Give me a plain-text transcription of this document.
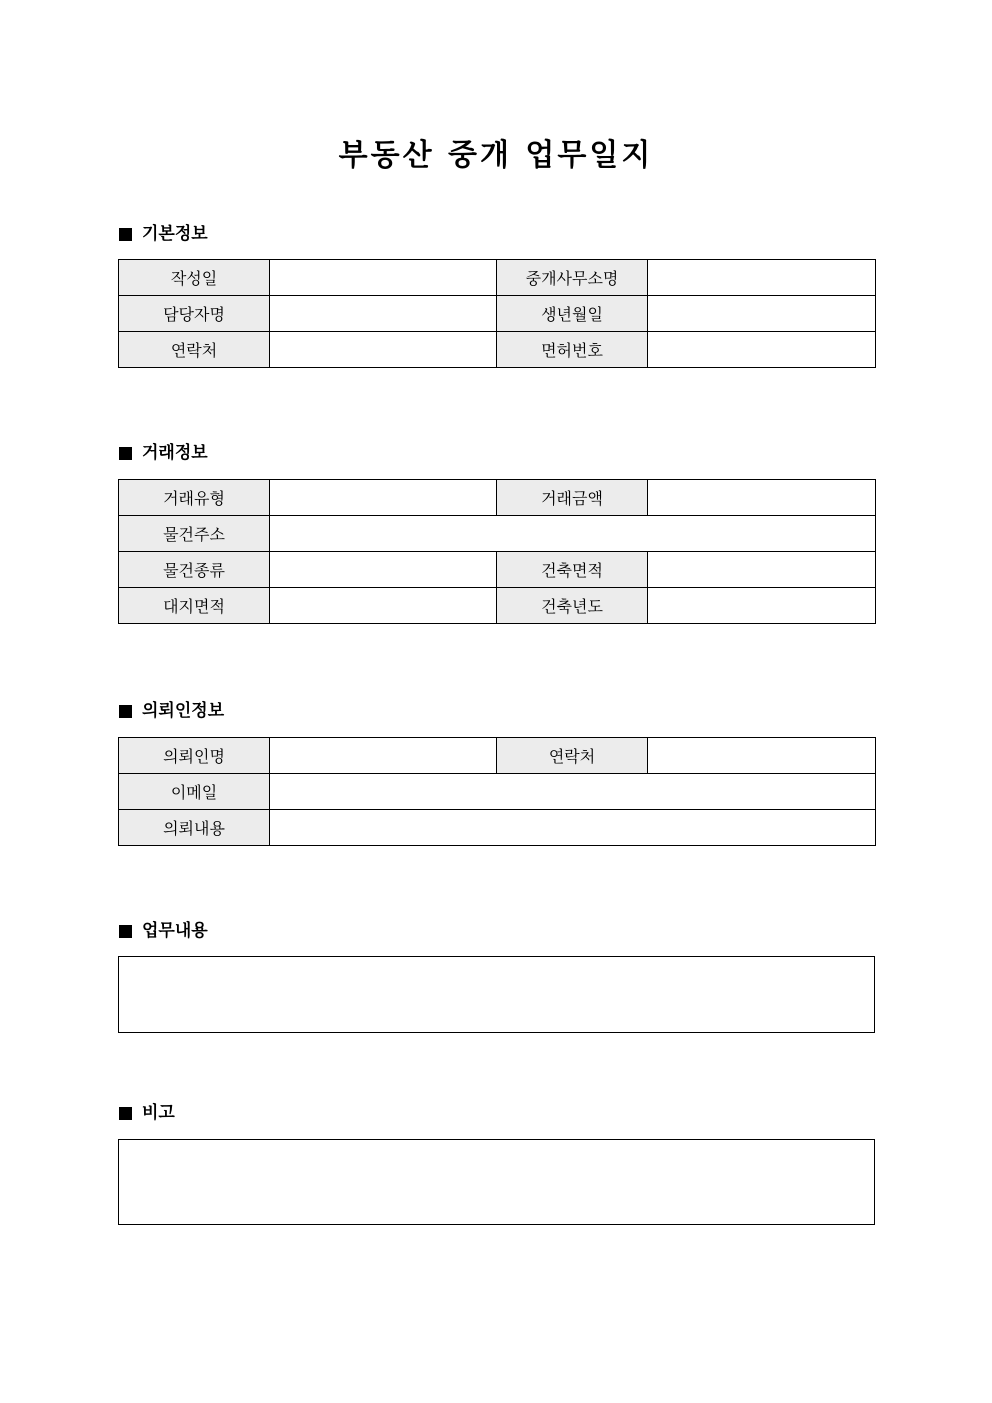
부동산 중개 업무일지
기본정보
작성일		중개사무소명	
담당자명		생년월일	
연락처		면허번호	
거래정보
거래유형		거래금액	
물건주소			
물건종류		건축면적	
대지면적		건축년도	
의뢰인정보
의뢰인명		연락처	
이메일			
의뢰내용			
업무내용
비고
